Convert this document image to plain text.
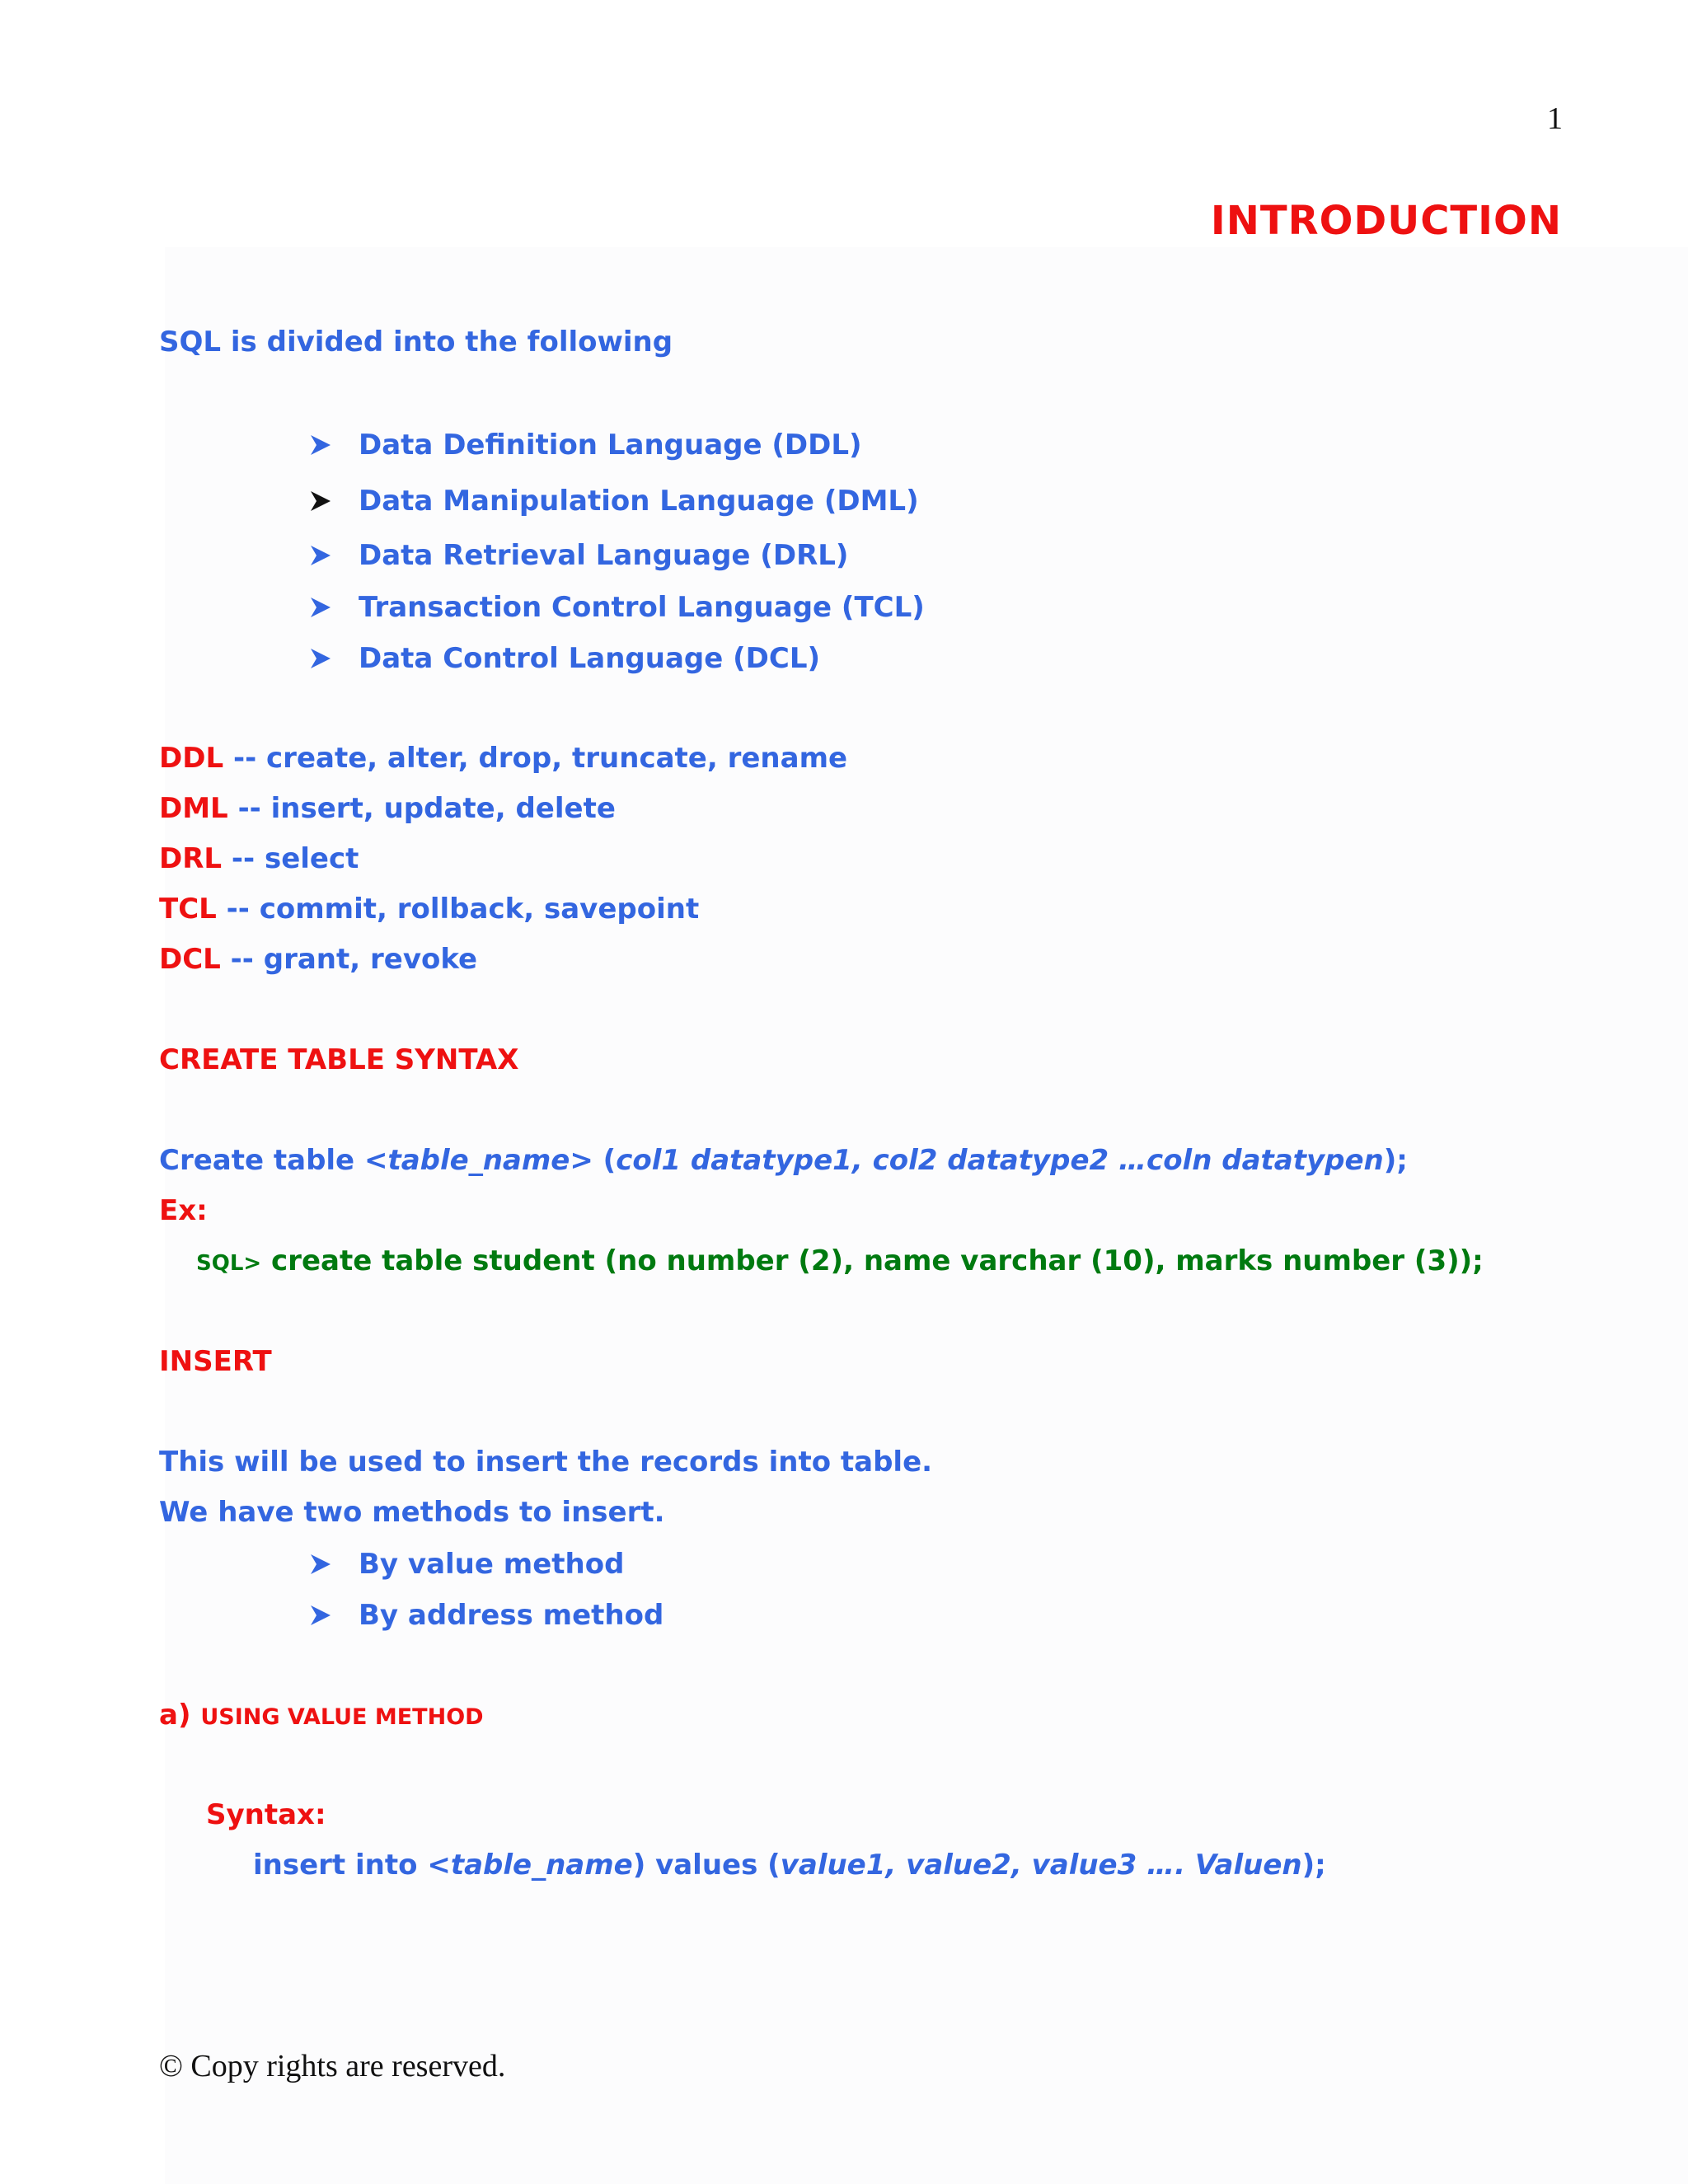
1
INTRODUCTION
SQL is divided into the following
Data Definition Language (DDL)
Data Manipulation Language (DML)
Data Retrieval Language (DRL)
Transaction Control Language (TCL)
Data Control Language (DCL)
DDL -- create, alter, drop, truncate, rename
DML -- insert, update, delete
DRL -- select
TCL -- commit, rollback, savepoint
DCL -- grant, revoke
CREATE TABLE SYNTAX
Create table <table_name> (col1 datatype1, col2 datatype2 …coln datatypen);
Ex:
SQL> create table student (no number (2), name varchar (10), marks number (3));
INSERT
This will be used to insert the records into table.
We have two methods to insert.
By value method
By address method
a) USING VALUE METHOD
Syntax:
insert into <table_name) values (value1, value2, value3 …. Valuen);
© Copy rights are reserved.
